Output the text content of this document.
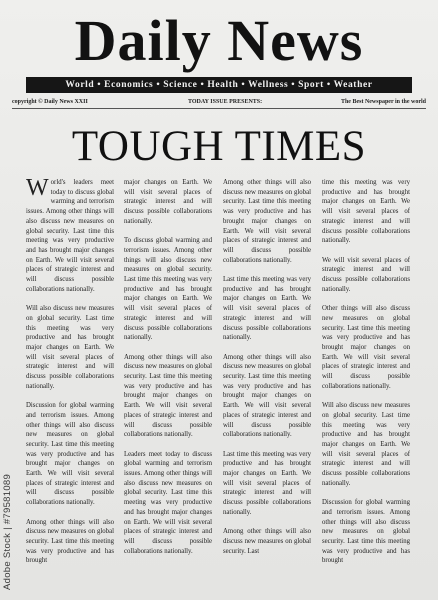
Daily News
World • Economics • Science • Health • Wellness • Sport • Weather
copyright © Daily News XXII	TODAY ISSUE PRESENTS:	The Best Newspaper in the world
TOUGH TIMES

World's leaders meet today to discuss global warming and terrorism issues. Among other things will also discuss new measures on global security. Last time this meeting was very productive and has brought major changes on Earth. We will visit several places of strategic interest and will discuss possible collaborations nationally.

Will also discuss new measures on global security. Last time this meeting was very productive and has brought major changes on Earth. We will visit several places of strategic interest and will discuss possible collaborations nationally.

Discussion for global warming and terrorism issues. Among other things will also discuss new measures on global security. Last time this meeting was very productive and has brought major changes on Earth. We will visit several places of strategic interest and will discuss possible collaborations nationally.

Among other things will also discuss new measures on global security. Last time this meeting was very productive and has brought

major changes on Earth. We will visit several places of strategic interest and will discuss possible collaborations nationally.

To discuss global warming and terrorism issues. Among other things will also discuss new measures on global security. Last time this meeting was very productive and has brought major changes on Earth. We will visit several places of strategic interest and will discuss possible collaborations nationally.

Among other things will also discuss new measures on global security. Last time this meeting was very productive and has brought major changes on Earth. We will visit several places of strategic interest and will discuss possible collaborations nationally.

Leaders meet today to discuss global warming and terrorism issues. Among other things will also discuss new measures on global security. Last time this meeting was very productive and has brought major changes on Earth. We will visit several places of strategic interest and will discuss possible collaborations nationally.

Among other things will also discuss new measures on global security. Last time this meeting was very productive and has brought major changes on Earth. We will visit several places of strategic interest and will discuss possible collaborations nationally.

Last time this meeting was very productive and has brought major changes on Earth. We will visit several places of strategic interest and will discuss possible collaborations nationally.

Among other things will also discuss new measures on global security. Last time this meeting was very productive and has brought major changes on Earth. We will visit several places of strategic interest and will discuss possible collaborations nationally.

Last time this meeting was very productive and has brought major changes on Earth. We will visit several places of strategic interest and will discuss possible collaborations nationally.

Among other things will also discuss new measures on global security. Last

time this meeting was very productive and has brought major changes on Earth. We will visit several places of strategic interest and will discuss possible collaborations nationally.

We will visit several places of strategic interest and will discuss possible collaborations nationally.

Other things will also discuss new measures on global security. Last time this meeting was very productive and has brought major changes on Earth. We will visit several places of strategic interest and will discuss possible collaborations nationally.

Will also discuss new measures on global security. Last time this meeting was very productive and has brought major changes on Earth. We will visit several places of strategic interest and will discuss possible collaborations nationally.

Discussion for global warming and terrorism issues. Among other things will also discuss new measures on global security. Last time this meeting was very productive and has brought

Adobe Stock | #79581089
